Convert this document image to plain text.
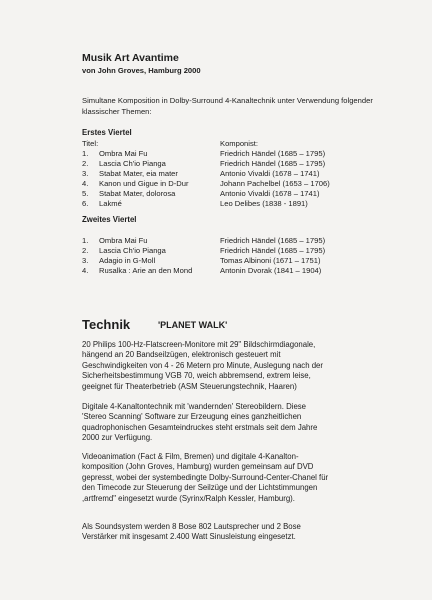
Musik Art Avantime
von John Groves, Hamburg 2000
Simultane Komposition in Dolby-Surround 4-Kanaltechnik unter Verwendung folgender klassischer Themen:
Erstes Viertel
Titel:	Komponist:
1. Ombra Mai Fu	Friedrich Händel (1685 – 1795)
2. Lascia Ch'io Pianga	Friedrich Händel (1685 – 1795)
3. Stabat Mater, eia mater	Antonio Vivaldi (1678 – 1741)
4. Kanon und Gigue in D-Dur	Johann Pachelbel (1653 – 1706)
5. Stabat Mater, dolorosa	Antonio Vivaldi (1678 – 1741)
6. Lakmé	Leo Delibes (1838 - 1891)
Zweites Viertel
1. Ombra Mai Fu	Friedrich Händel (1685 – 1795)
2. Lascia Ch'io Pianga	Friedrich Händel (1685 – 1795)
3. Adagio in G-Moll	Tomas Albinoni (1671 – 1751)
4. Rusalka : Arie an den Mond	Antonin Dvorak (1841 – 1904)
Technik	'PLANET WALK'
20 Philips 100-Hz-Flatscreen-Monitore mit 29" Bildschirmdiagonale,
hängend an 20 Bandseilzügen, elektronisch gesteuert mit
Geschwindigkeiten von 4 - 26 Metern pro Minute, Auslegung nach der
Sicherheitsbestimmung VGB 70, weich abbremsend, extrem leise,
geeignet für Theaterbetrieb (ASM Steuerungstechnik, Haaren)
Digitale 4-Kanaltontechnik mit 'wandernden' Stereobildern. Diese
'Stereo Scanning' Software zur Erzeugung eines ganzheitlichen
quadrophonischen Gesamteindruckes steht erstmals seit dem Jahre
2000 zur Verfügung.
Videoanimation (Fact & Film, Bremen) und digitale 4-Kanalton-
komposition (John Groves, Hamburg) wurden gemeinsam auf DVD
gepresst, wobei der systembedingte Dolby-Surround-Center-Chanel für
den Timecode zur Steuerung der Seilzüge und der Lichtstimmungen
,artfremd" eingesetzt wurde (Syrinx/Ralph Kessler, Hamburg).
Als Soundsystem werden 8 Bose 802 Lautsprecher und 2 Bose
Verstärker mit insgesamt 2.400 Watt Sinusleistung eingesetzt.
